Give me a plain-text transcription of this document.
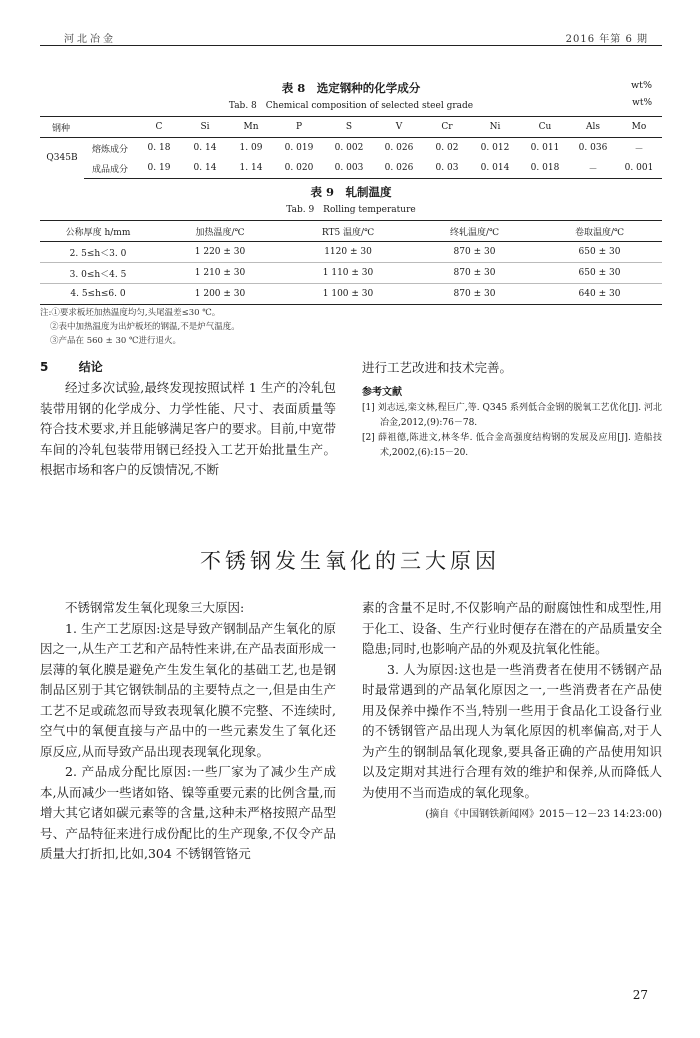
河北冶金	2016 年第 6 期
表 8　选定钢种的化学成分	wt%
Tab. 8　Chemical composition of selected steel grade	wt%
钢种		C	Si	Mn	P	S	V	Cr	Ni	Cu	Als	Mo
Q345B	熔炼成分	0. 18	0. 14	1. 09	0. 019	0. 002	0. 026	0. 02	0. 012	0. 011	0. 036	－
	成品成分	0. 19	0. 14	1. 14	0. 020	0. 003	0. 026	0. 03	0. 014	0. 018	－	0. 001
表 9　轧制温度
Tab. 9　Rolling temperature
公称厚度 h/mm	加热温度/℃	RT5 温度/℃	终轧温度/℃	卷取温度/℃
2. 5≤h＜3. 0	1 220 ± 30	1120 ± 30	870 ± 30	650 ± 30
3. 0≤h＜4. 5	1 210 ± 30	1 110 ± 30	870 ± 30	650 ± 30
4. 5≤h≤6. 0	1 200 ± 30	1 100 ± 30	870 ± 30	640 ± 30
注:①要求板坯加热温度均匀,头尾温差≤30 ℃。
②表中加热温度为出炉板坯的钢温,不是炉气温度。
③产品在 560 ± 30 ℃进行退火。
5	结论
经过多次试验,最终发现按照试样 1 生产的冷轧包装带用钢的化学成分、力学性能、尺寸、表面质量等符合技术要求,并且能够满足客户的要求。目前,中宽带车间的冷轧包装带用钢已经投入工艺开始批量生产。根据市场和客户的反馈情况,不断
进行工艺改进和技术完善。
参考文献
[1] 刘志远,栾文林,程巨广,等. Q345 系列低合金钢的脱氧工艺优化[J]. 河北冶金,2012,(9):76－78.
[2] 薛祖德,陈进文,林冬华. 低合金高强度结构钢的发展及应用[J]. 造船技术,2002,(6):15－20.
不锈钢发生氧化的三大原因
不锈钢常发生氧化现象三大原因:
1. 生产工艺原因:这是导致产钢制品产生氧化的原因之一,从生产工艺和产品特性来讲,在产品表面形成一层薄的氧化膜是避免产生发生氧化的基础工艺,也是钢制品区别于其它钢铁制品的主要特点之一,但是由生产工艺不足或疏忽而导致表现氧化膜不完整、不连续时,空气中的氧便直接与产品中的一些元素发生了氧化还原反应,从而导致产品出现表现氧化现象。
2. 产品成分配比原因:一些厂家为了减少生产成本,从而减少一些诸如铬、镍等重要元素的比例含量,而增大其它诸如碳元素等的含量,这种未严格按照产品型号、产品特征来进行成份配比的生产现象,不仅令产品质量大打折扣,比如,304 不锈钢管铬元
素的含量不足时,不仅影响产品的耐腐蚀性和成型性,用于化工、设备、生产行业时便存在潜在的产品质量安全隐患;同时,也影响产品的外观及抗氧化性能。
3. 人为原因:这也是一些消费者在使用不锈钢产品时最常遇到的产品氧化原因之一,一些消费者在产品使用及保养中操作不当,特别一些用于食品化工设备行业的不锈钢管产品出现人为氧化原因的机率偏高,对于人为产生的钢制品氧化现象,要具备正确的产品使用知识以及定期对其进行合理有效的维护和保养,从而降低人为使用不当而造成的氧化现象。
(摘自《中国钢铁新闻网》2015－12－23 14:23:00)
27
